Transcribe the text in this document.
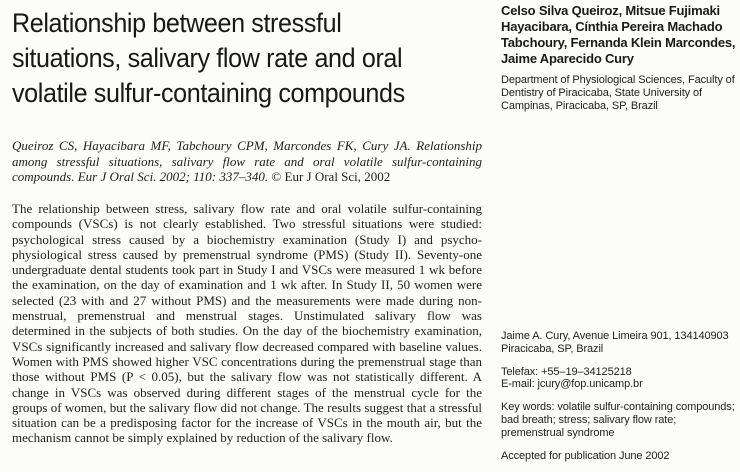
Relationship between stressful
situations, salivary flow rate and oral
volatile sulfur-containing compounds

Queiroz CS, Hayacibara MF, Tabchoury CPM, Marcondes FK, Cury JA. Relationship among stressful situations, salivary flow rate and oral volatile sulfur-containing compounds. Eur J Oral Sci. 2002; 110: 337–340. © Eur J Oral Sci, 2002

The relationship between stress, salivary flow rate and oral volatile sulfur-containing compounds (VSCs) is not clearly established. Two stressful situations were studied: psychological stress caused by a biochemistry examination (Study I) and psycho-physiological stress caused by premenstrual syndrome (PMS) (Study II). Seventy-one undergraduate dental students took part in Study I and VSCs were measured 1 wk before the examination, on the day of examination and 1 wk after. In Study II, 50 women were selected (23 with and 27 without PMS) and the measurements were made during non-menstrual, premenstrual and menstrual stages. Unstimulated salivary flow was determined in the subjects of both studies. On the day of the biochemistry examination, VSCs significantly increased and salivary flow decreased compared with baseline values. Women with PMS showed higher VSC concentrations during the premenstrual stage than those without PMS (P < 0.05), but the salivary flow was not statistically different. A change in VSCs was observed during different stages of the menstrual cycle for the groups of women, but the salivary flow did not change. The results suggest that a stressful situation can be a predisposing factor for the increase of VSCs in the mouth air, but the mechanism cannot be simply explained by reduction of the salivary flow.

Celso Silva Queiroz, Mitsue Fujimaki Hayacibara, Cínthia Pereira Machado Tabchoury, Fernanda Klein Marcondes, Jaime Aparecido Cury
Department of Physiological Sciences, Faculty of Dentistry of Piracicaba, State University of Campinas, Piracicaba, SP, Brazil
Jaime A. Cury, Avenue Limeira 901, 134140903 Piracicaba, SP, Brazil
Telefax: +55–19–34125218
E-mail: jcury@fop.unicamp.br
Key words: volatile sulfur-containing compounds; bad breath; stress; salivary flow rate; premenstrual syndrome
Accepted for publication June 2002
